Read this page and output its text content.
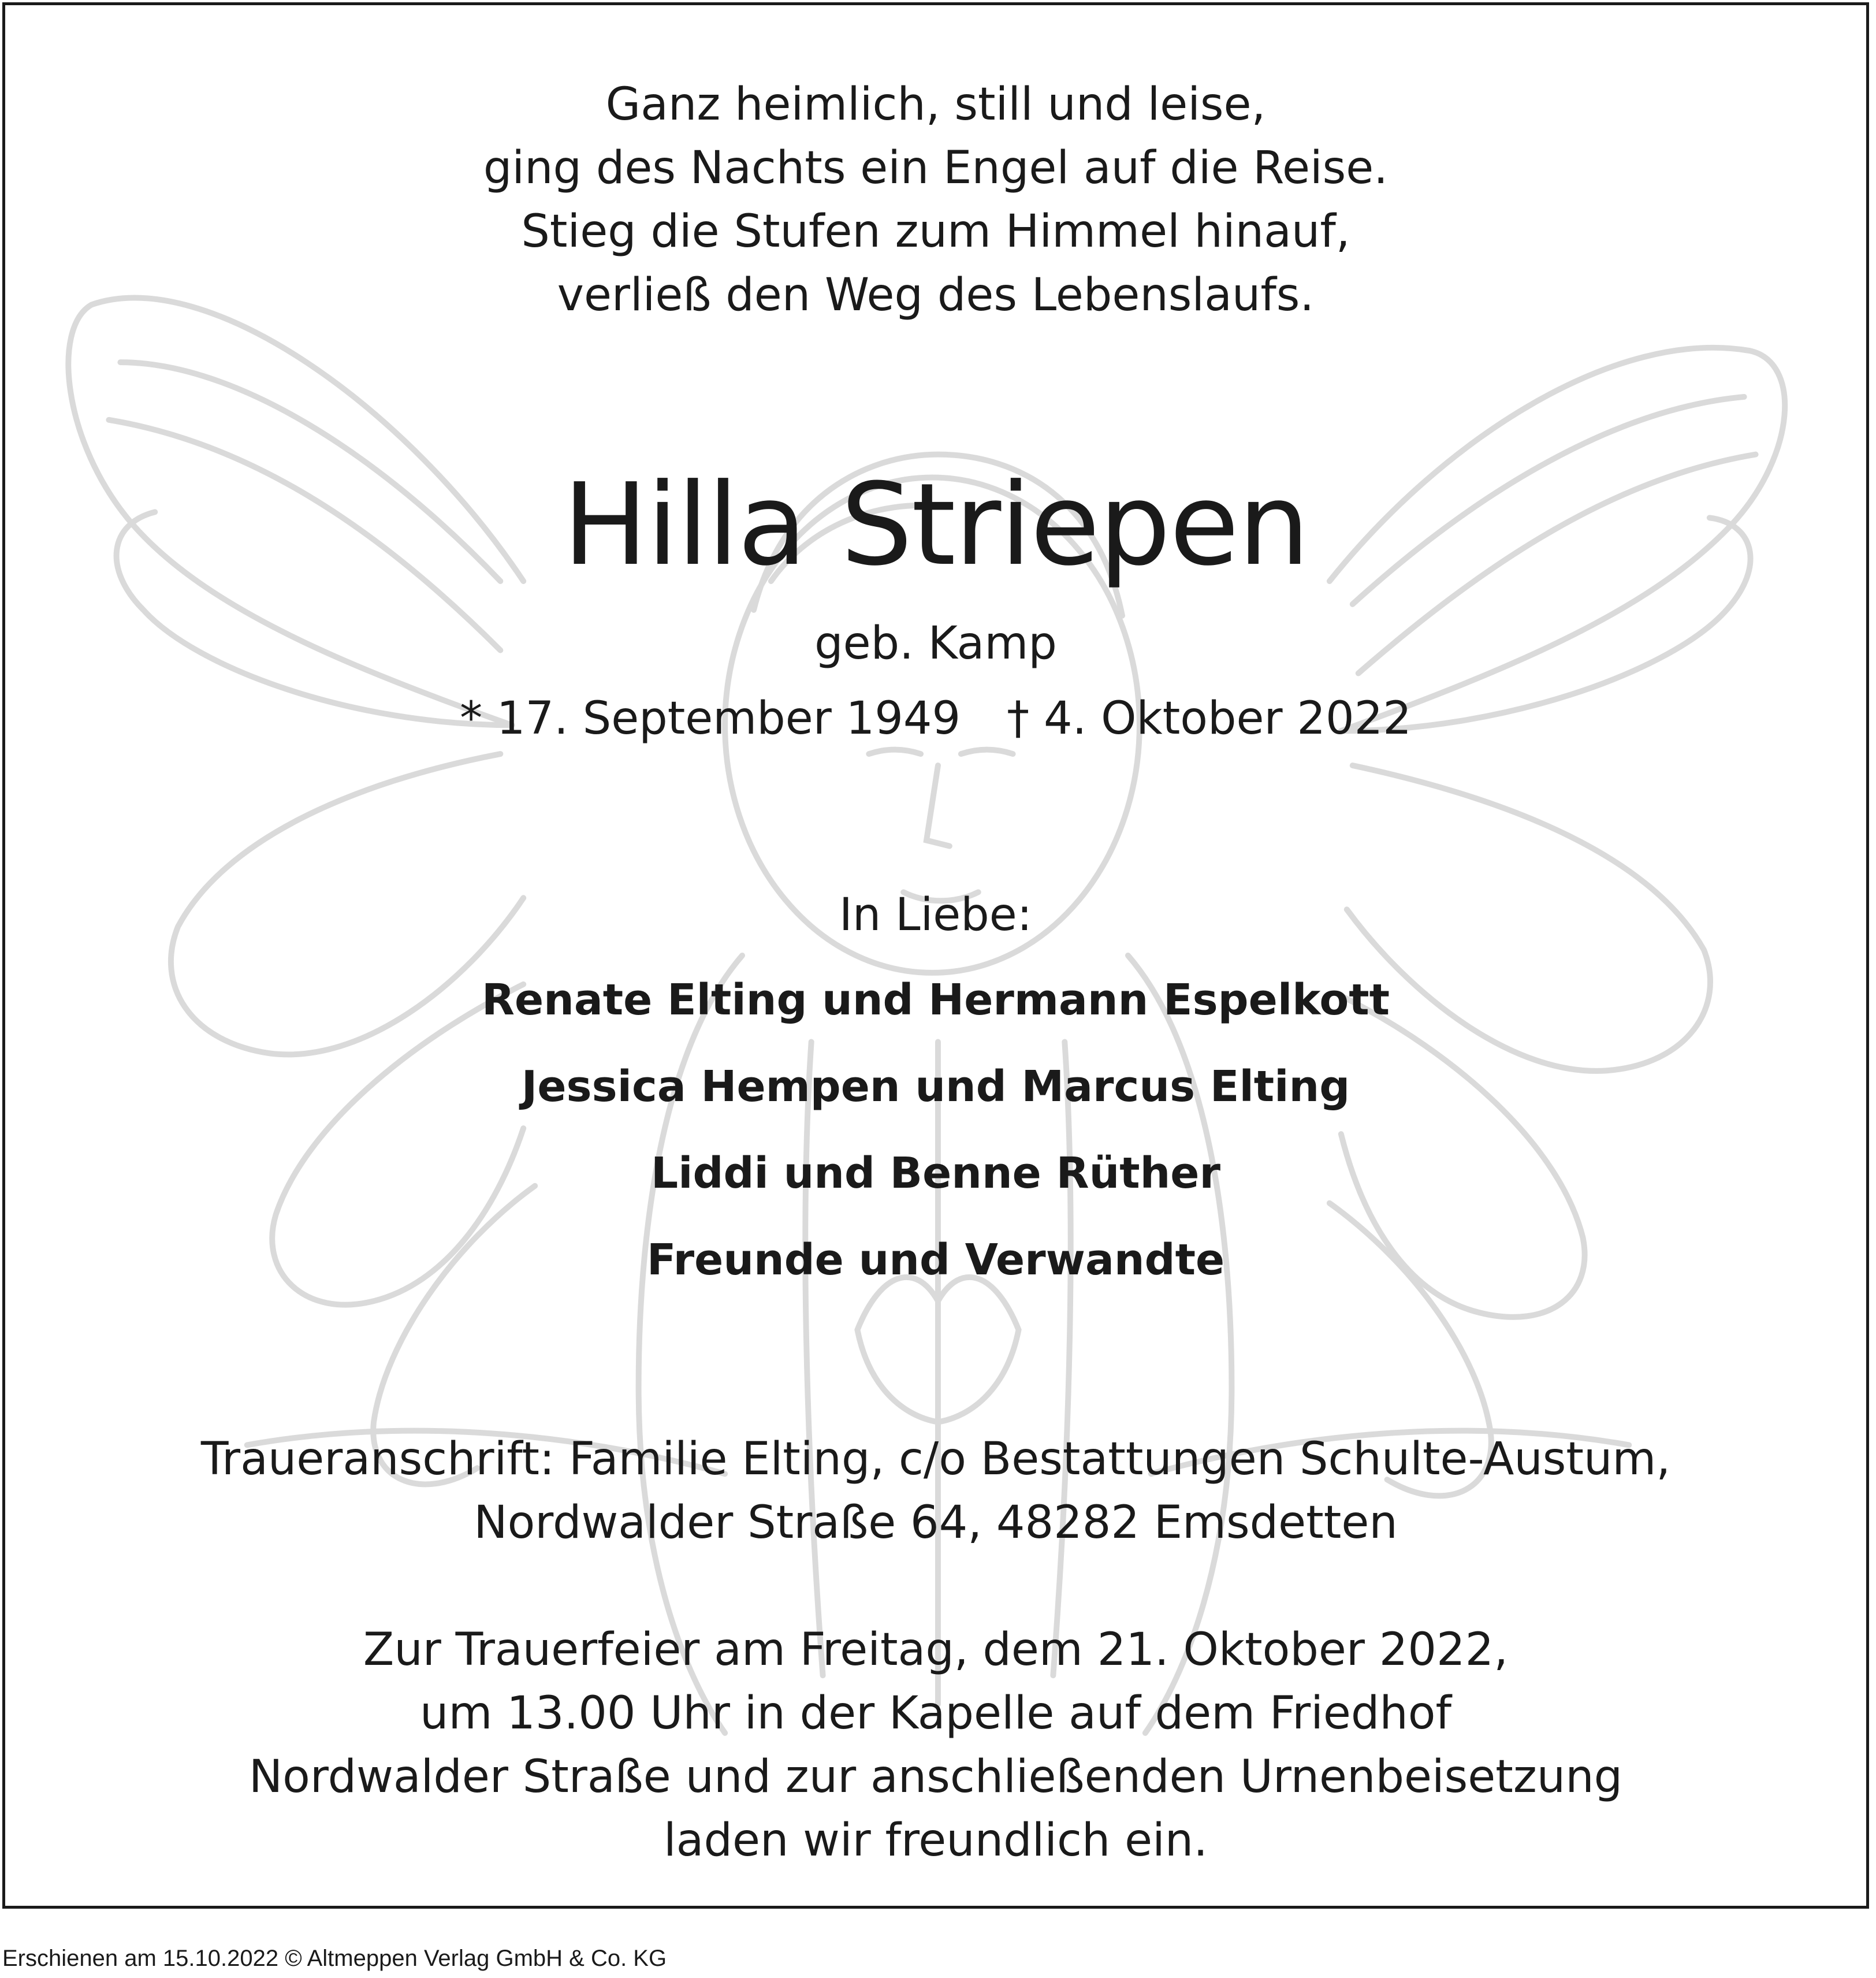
Ganz heimlich, still und leise,
ging des Nachts ein Engel auf die Reise.
Stieg die Stufen zum Himmel hinauf,
verließ den Weg des Lebenslaufs.
Hilla Striepen
geb. Kamp
* 17. September 1949 † 4. Oktober 2022
In Liebe:
Renate Elting und Hermann Espelkott
Jessica Hempen und Marcus Elting
Liddi und Benne Rüther
Freunde und Verwandte
Traueranschrift: Familie Elting, c/o Bestattungen Schulte-Austum,
Nordwalder Straße 64, 48282 Emsdetten
Zur Trauerfeier am Freitag, dem 21. Oktober 2022,
um 13.00 Uhr in der Kapelle auf dem Friedhof
Nordwalder Straße und zur anschließenden Urnenbeisetzung
laden wir freundlich ein.
Erschienen am 15.10.2022 © Altmeppen Verlag GmbH & Co. KG
